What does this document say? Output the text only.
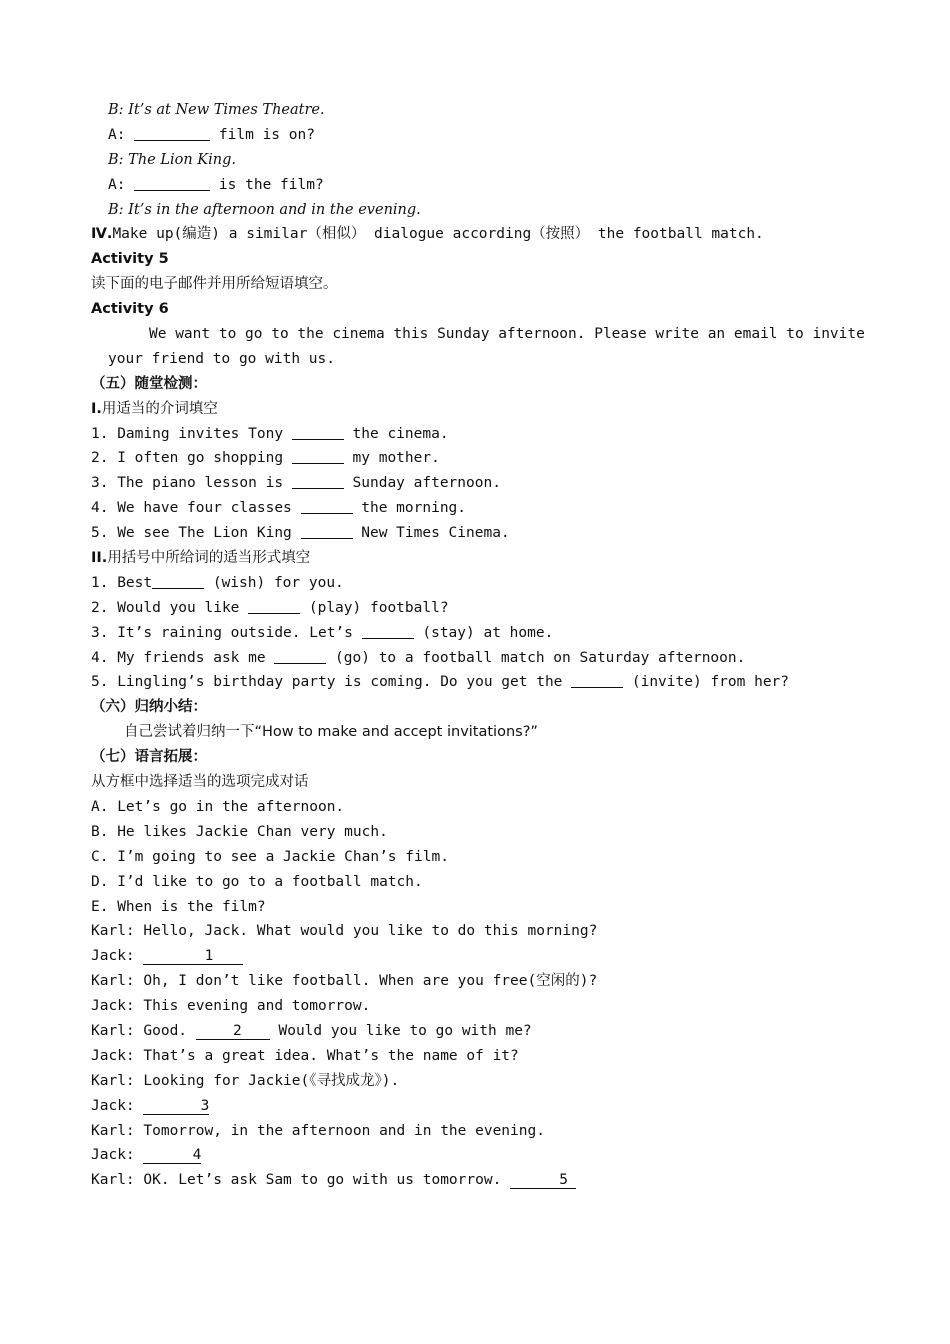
B: It’s at New Times Theatre.
A:	film is on?
B: The Lion King.
A:	is the film?
B: It’s in the afternoon and in the evening.
Ⅳ.Make up(编造) a similar（相似） dialogue according（按照） the football match.
Activity 5
读下面的电子邮件并用所给短语填空。
Activity 6
We want to go to the cinema this Sunday afternoon. Please write an email to invite
your friend to go with us.
（五）随堂检测：
I.用适当的介词填空
1. Daming invites Tony	the cinema.
2. I often go shopping	my mother.
3. The piano lesson is	Sunday afternoon.
4. We have four classes	the morning.
5. We see The Lion King	New Times Cinema.
II.用括号中所给词的适当形式填空
1. Best	(wish) for you.
2. Would you like	(play) football?
3. It’s raining outside. Let’s	(stay) at home.
4. My friends ask me	(go) to a football match on Saturday afternoon.
5. Lingling’s birthday party is coming. Do you get the	(invite) from her?
（六）归纳小结：
自己尝试着归纳一下“How to make and accept invitations?”
（七）语言拓展：
从方框中选择适当的选项完成对话
A. Let’s go in the afternoon.
B. He likes Jackie Chan very much.
C. I’m going to see a Jackie Chan’s film.
D. I’d like to go to a football match.
E. When is the film?
Karl: Hello, Jack. What would you like to do this morning?
Jack:	1
Karl: Oh, I don’t like football. When are you free(空闲的)?
Jack: This evening and tomorrow.
Karl: Good.	2 Would you like to go with me?
Jack: That’s a great idea. What’s the name of it?
Karl: Looking for Jackie(《寻找成龙》).
Jack:	3
Karl: Tomorrow, in the afternoon and in the evening.
Jack:	4
Karl: OK. Let’s ask Sam to go with us tomorrow.	5
